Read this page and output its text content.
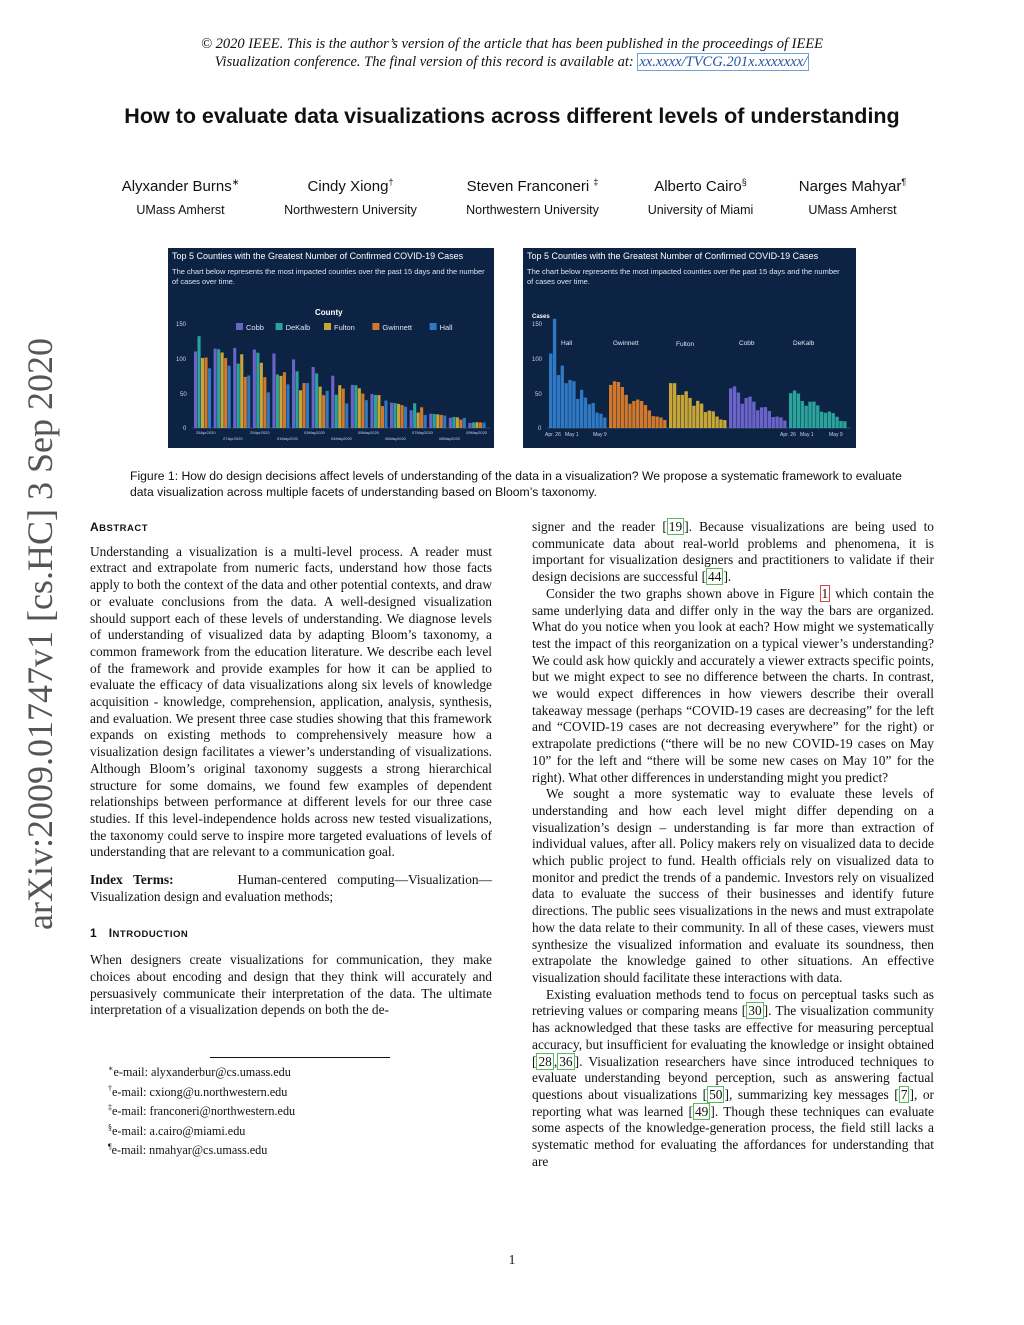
© 2020 IEEE. This is the author’s version of the article that has been published in the proceedings of IEEE
Visualization conference. The final version of this record is available at: xx.xxxx/TVCG.201x.xxxxxxx/
How to evaluate data visualizations across different levels of understanding
Alyxander Burns∗
UMass Amherst
Cindy Xiong†
Northwestern University
Steven Franconeri ‡
Northwestern University
Alberto Cairo§
University of Miami
Narges Mahyar¶
UMass Amherst
arXiv:2009.01747v1 [cs.HC] 3 Sep 2020
Top 5 Counties with the Greatest Number of Confirmed COVID-19 Cases
The chart below represents the most impacted counties over the past 15 days and the number of cases over time.
County
Cobb	DeKalb	Fulton	Gwinnett	Hall
150
100
50
0
25Apr2020
27Apr2020
29Apr2020
01May2020
03May2020
04May2020
05May2020
06May2020
07May2020
08May2020
09May2020
Top 5 Counties with the Greatest Number of Confirmed COVID-19 Cases
The chart below represents the most impacted counties over the past 15 days and the number of cases over time.
Cases
150
100
50
0
Hall	Gwinnett	Fulton	Cobb	DeKalb
Apr. 26 May 1	May 9	Apr. 26 May 1	May 9
Figure 1: How do design decisions affect levels of understanding of the data in a visualization? We propose a systematic framework to evaluate data visualization across multiple facets of understanding based on Bloom’s taxonomy.
ABSTRACT

Understanding a visualization is a multi-level process. A reader must extract and extrapolate from numeric facts, understand how those facts apply to both the context of the data and other potential contexts, and draw or evaluate conclusions from the data. A well-designed visualization should support each of these levels of understanding. We diagnose levels of understanding of visualized data by adapting Bloom’s taxonomy, a common framework from the education literature. We describe each level of the framework and provide examples for how it can be applied to evaluate the efficacy of data visualizations along six levels of knowledge acquisition - knowledge, comprehension, application, analysis, synthesis, and evaluation. We present three case studies showing that this framework expands on existing methods to comprehensively measure how a visualization design facilitates a viewer’s understanding of visualizations. Although Bloom’s original taxonomy suggests a strong hierarchical structure for some domains, we found few examples of dependent relationships between performance at different levels for our three case studies. If this level-independence holds across new tested visualizations, the taxonomy could serve to inspire more targeted evaluations of levels of understanding that are relevant to a communication goal.

Index Terms:	Human-centered computing—Visualization—Visualization design and evaluation methods;

1 INTRODUCTION

When designers create visualizations for communication, they make choices about encoding and design that they think will accurately and persuasively communicate their interpretation of the data. The ultimate interpretation of a visualization depends on both the de-

∗e-mail: alyxanderbur@cs.umass.edu
†e-mail: cxiong@u.northwestern.edu
‡e-mail: franconeri@northwestern.edu
§e-mail: a.cairo@miami.edu
¶e-mail: nmahyar@cs.umass.edu

signer and the reader [ 19 ]. Because visualizations are being used to communicate data about real-world problems and phenomena, it is important for visualization designers and practitioners to validate if their design decisions are successful [ 44 ].

Consider the two graphs shown above in Figure 1 which contain the same underlying data and differ only in the way the bars are organized. What do you notice when you look at each? How might we systematically test the impact of this reorganization on a typical viewer’s understanding? We could ask how quickly and accurately a viewer extracts specific points, but we might expect to see no difference between the charts. In contrast, we would expect differences in how viewers describe their overall takeaway message (perhaps “COVID-19 cases are decreasing” for the left and “COVID-19 cases are not decreasing everywhere” for the right) or extrapolate predictions (“there will be no new COVID-19 cases on May 10” for the left and “there will be some new cases on May 10” for the right). What other differences in understanding might you predict?

We sought a more systematic way to evaluate these levels of understanding and how each level might differ depending on a visualization’s design – understanding is far more than extraction of individual values, after all. Policy makers rely on visualized data to decide which public project to fund. Health officials rely on visualized data to monitor and predict the trends of a pandemic. Investors rely on visualized data to evaluate the success of their businesses and identify future directions. The public sees visualizations in the news and must extrapolate how the data relate to their community. In all of these cases, viewers must synthesize the visualized information and evaluate its soundness, then extrapolate the knowledge gained to other situations. An effective visualization should facilitate these interactions with data.

Existing evaluation methods tend to focus on perceptual tasks such as retrieving values or comparing means [ 30 ]. The visualization community has acknowledged that these tasks are effective for measuring perceptual accuracy, but insufficient for evaluating the knowledge or insight obtained [ 28 , 36 ]. Visualization researchers have since introduced techniques to evaluate understanding beyond perception, such as answering factual questions about visualizations [ 50 ], summarizing key messages [ 7 ], or reporting what was learned [ 49 ]. Though these techniques can evaluate some aspects of the knowledge-generation process, the field still lacks a systematic method for evaluating the affordances for understanding that are

1
